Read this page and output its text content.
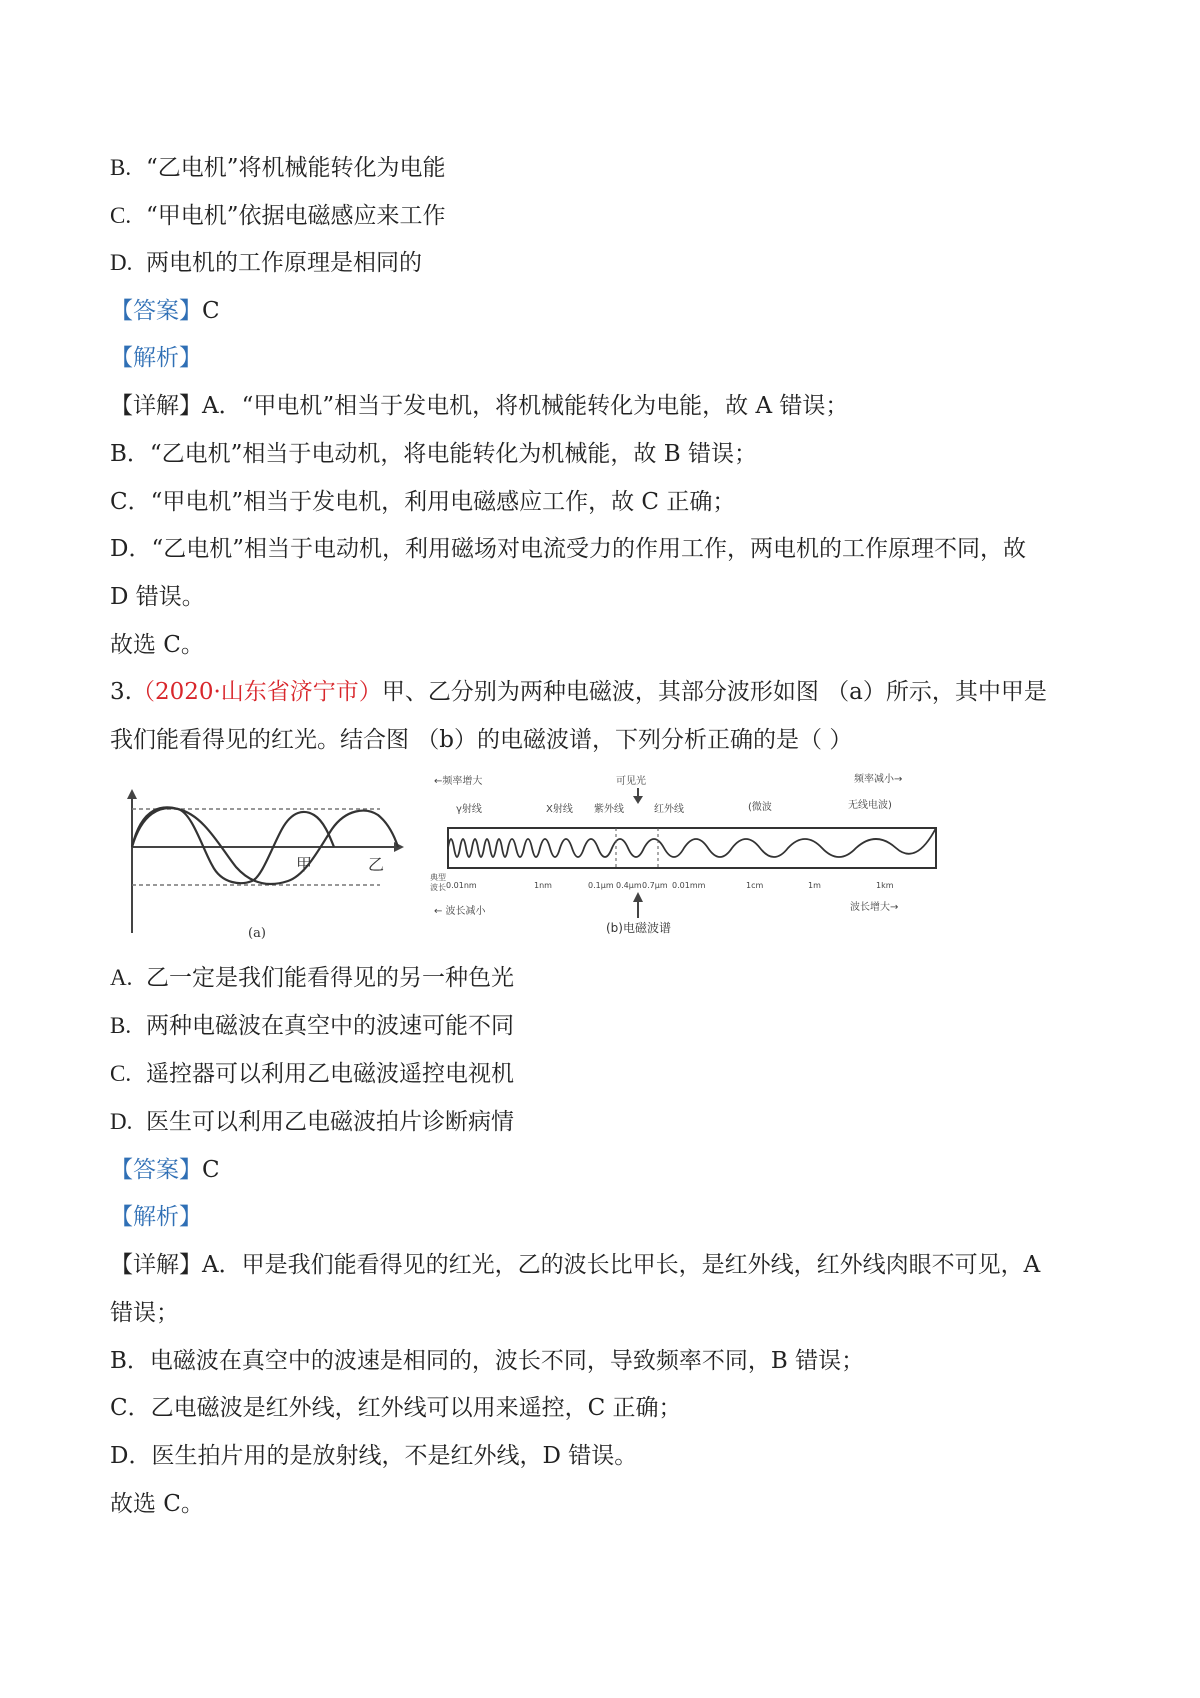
B. “乙电机”将机械能转化为电能
C. “甲电机”依据电磁感应来工作
D. 两电机的工作原理是相同的
【答案】C
【解析】
【详解】A．“甲电机”相当于发电机，将机械能转化为电能，故 A 错误；
B．“乙电机”相当于电动机，将电能转化为机械能，故 B 错误；
C．“甲电机”相当于发电机，利用电磁感应工作，故 C 正确；
D．“乙电机”相当于电动机，利用磁场对电流受力的作用工作，两电机的工作原理不同，故
D 错误。
故选 C。
3.（2020·山东省济宁市）甲、乙分别为两种电磁波，其部分波形如图 （a）所示，其中甲是
我们能看得见的红光。结合图 （b）的电磁波谱，下列分析正确的是（ ）
甲	乙
(a)
←频率增大	可见光	频率减小→
γ射线	X射线 紫外线	红外线	(微波	无线电波)
典型
波长 0.01nm	1nm	0.1μm 0.4μm 0.7μm 0.01mm	1cm	1m	1km
← 波长减小	波长增大→
(b)电磁波谱
A. 乙一定是我们能看得见的另一种色光
B. 两种电磁波在真空中的波速可能不同
C. 遥控器可以利用乙电磁波遥控电视机
D. 医生可以利用乙电磁波拍片诊断病情
【答案】C
【解析】
【详解】A．甲是我们能看得见的红光，乙的波长比甲长，是红外线，红外线肉眼不可见，A
错误；
B．电磁波在真空中的波速是相同的，波长不同，导致频率不同，B 错误；
C．乙电磁波是红外线，红外线可以用来遥控，C 正确；
D．医生拍片用的是放射线，不是红外线，D 错误。
故选 C。
